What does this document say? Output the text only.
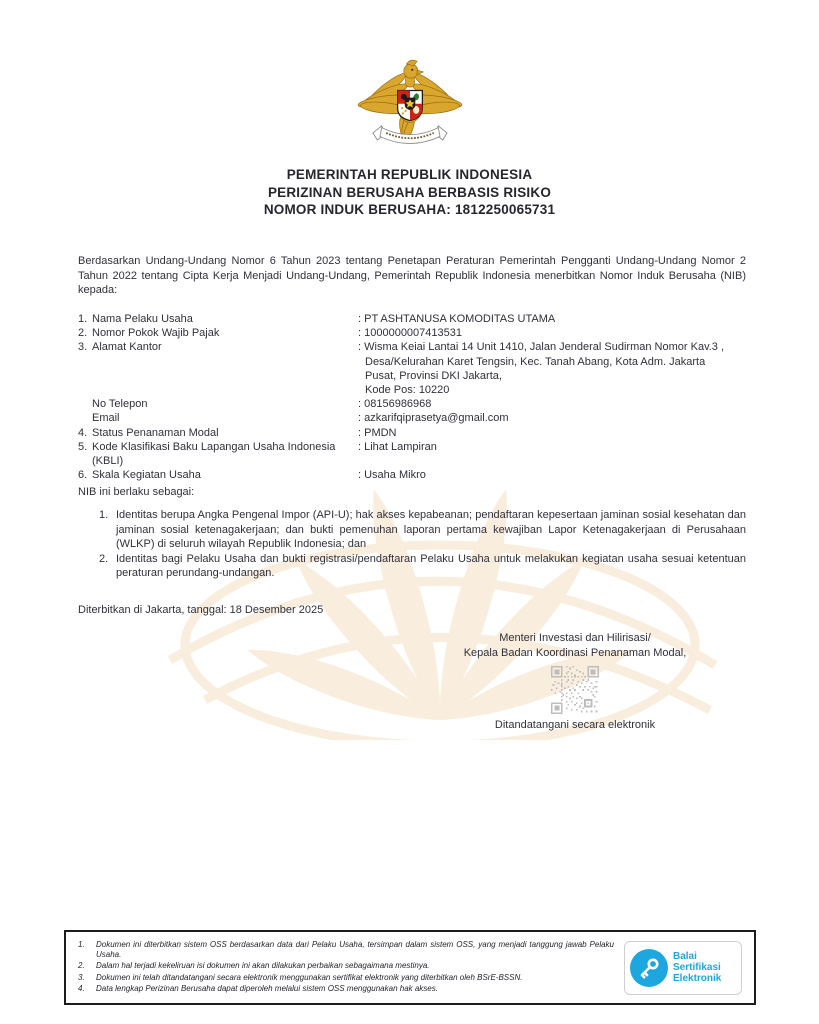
PEMERINTAH REPUBLIK INDONESIA
PERIZINAN BERUSAHA BERBASIS RISIKO
NOMOR INDUK BERUSAHA: 1812250065731
Berdasarkan Undang-Undang Nomor 6 Tahun 2023 tentang Penetapan Peraturan Pemerintah Pengganti Undang-Undang Nomor 2 Tahun 2022 tentang Cipta Kerja Menjadi Undang-Undang, Pemerintah Republik Indonesia menerbitkan Nomor Induk Berusaha (NIB) kepada:
1. Nama Pelaku Usaha	: PT ASHTANUSA KOMODITAS UTAMA
2. Nomor Pokok Wajib Pajak	: 1000000007413531
3. Alamat Kantor	: Wisma Keiai Lantai 14 Unit 1410, Jalan Jenderal Sudirman Nomor Kav.3 ,
Desa/Kelurahan Karet Tengsin, Kec. Tanah Abang, Kota Adm. Jakarta
Pusat, Provinsi DKI Jakarta,
Kode Pos: 10220
No Telepon	: 08156986968
Email	: azkarifqiprasetya@gmail.com
4. Status Penanaman Modal	: PMDN
5. Kode Klasifikasi Baku Lapangan Usaha Indonesia
(KBLI)
: Lihat Lampiran
6. Skala Kegiatan Usaha	: Usaha Mikro
NIB ini berlaku sebagai:
1. Identitas berupa Angka Pengenal Impor (API-U); hak akses kepabeanan; pendaftaran kepesertaan jaminan sosial kesehatan dan jaminan sosial ketenagakerjaan; dan bukti pemenuhan laporan pertama kewajiban Lapor Ketenagakerjaan di Perusahaan (WLKP) di seluruh wilayah Republik Indonesia; dan
2. Identitas bagi Pelaku Usaha dan bukti registrasi/pendaftaran Pelaku Usaha untuk melakukan kegiatan usaha sesuai ketentuan peraturan perundang-undangan.
Diterbitkan di Jakarta, tanggal: 18 Desember 2025
Menteri Investasi dan Hilirisasi/
Kepala Badan Koordinasi Penanaman Modal,
Ditandatangani secara elektronik
1.	Dokumen ini diterbitkan sistem OSS berdasarkan data dari Pelaku Usaha, tersimpan dalam sistem OSS, yang menjadi tanggung jawab Pelaku Usaha.
2.	Dalam hal terjadi kekeliruan isi dokumen ini akan dilakukan perbaikan sebagaimana mestinya.
3.	Dokumen ini telah ditandatangani secara elektronik menggunakan sertifikat elektronik yang diterbitkan oleh BSrE-BSSN.
4.	Data lengkap Perizinan Berusaha dapat diperoleh melalui sistem OSS menggunakan hak akses.
Balai
Sertifikasi
Elektronik
